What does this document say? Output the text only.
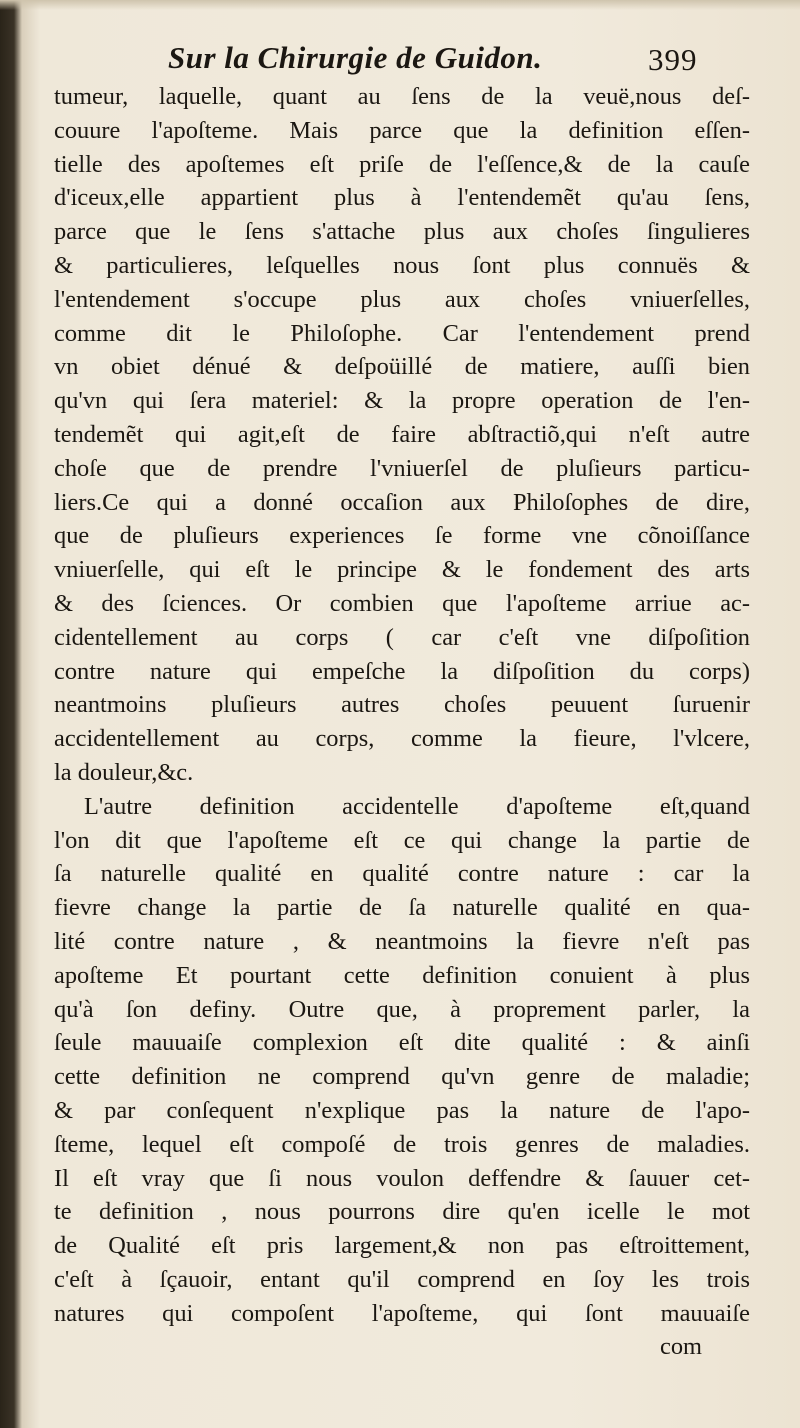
Sur la Chirurgie de Guidon.	399
tumeur, laquelle, quant au ſens de la veuë,nous deſ-
couure l'apoſteme. Mais parce que la definition eſſen-
tielle des apoſtemes eſt priſe de l'eſſence,& de la cauſe
d'iceux,elle appartient plus à l'entendemẽt qu'au ſens,
parce que le ſens s'attache plus aux choſes ſingulieres
& particulieres, leſquelles nous ſont plus connuës &
l'entendement s'occupe plus aux choſes vniuerſelles,
comme dit le Philoſophe. Car l'entendement prend
vn obiet dénué & deſpoüillé de matiere, auſſi bien
qu'vn qui ſera materiel: & la propre operation de l'en-
tendemẽt qui agit,eſt de faire abſtractiõ,qui n'eſt autre
choſe que de prendre l'vniuerſel de pluſieurs particu-
liers.Ce qui a donné occaſion aux Philoſophes de dire,
que de pluſieurs experiences ſe forme vne cõnoiſſance
vniuerſelle, qui eſt le principe & le fondement des arts
& des ſciences. Or combien que l'apoſteme arriue ac-
cidentellement au corps ( car c'eſt vne diſpoſition
contre nature qui empeſche la diſpoſition du corps)
neantmoins pluſieurs autres choſes peuuent ſuruenir
accidentellement au corps, comme la fieure, l'vlcere,
la douleur,&c.
L'autre definition accidentelle d'apoſteme eſt,quand
l'on dit que l'apoſteme eſt ce qui change la partie de
ſa naturelle qualité en qualité contre nature : car la
fievre change la partie de ſa naturelle qualité en qua-
lité contre nature , & neantmoins la fievre n'eſt pas
apoſteme Et pourtant cette definition conuient à plus
qu'à ſon definy. Outre que, à proprement parler, la
ſeule mauuaiſe complexion eſt dite qualité : & ainſi
cette definition ne comprend qu'vn genre de maladie;
& par conſequent n'explique pas la nature de l'apo-
ſteme, lequel eſt compoſé de trois genres de maladies.
Il eſt vray que ſi nous voulon deffendre & ſauuer cet-
te definition , nous pourrons dire qu'en icelle le mot
de Qualité eſt pris largement,& non pas eſtroittement,
c'eſt à ſçauoir, entant qu'il comprend en ſoy les trois
natures qui compoſent l'apoſteme, qui ſont mauuaiſe
com
